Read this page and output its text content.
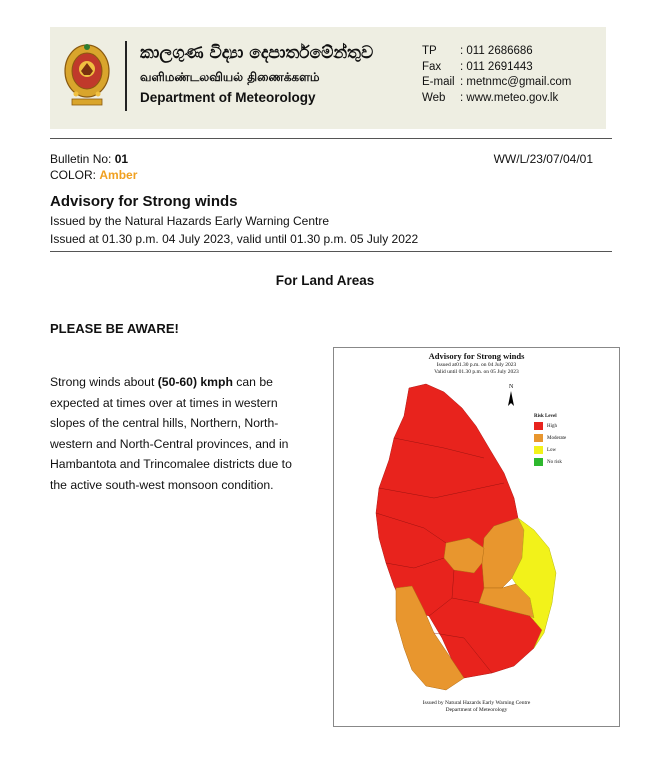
කාලගුණ විද්‍යා දෙපාර්තමේන්තුව
வளிமண்டலவியல் திணைக்களம்
Department of Meteorology
TP : 011 2686686
Fax : 011 2691443
E-mail : metnmc@gmail.com
Web : www.meteo.gov.lk
Bulletin No: 01
COLOR: Amber
WW/L/23/07/04/01
Advisory for Strong winds
Issued by the Natural Hazards Early Warning Centre
Issued at 01.30 p.m. 04 July 2023, valid until 01.30 p.m. 05 July 2022
For Land Areas
PLEASE BE AWARE!
Strong winds about (50-60) kmph can be expected at times over at times in western slopes of the central hills, Northern, North-western and North-Central provinces, and in Hambantota and Trincomalee districts due to the active south-west monsoon condition.
Advisory for Strong winds
Issued at01.30 p.m. on 04 July 2023
Valid until 01.30 p.m. on 05 July 2023
N
Risk Level
High
Moderate
Low
No risk
Issued by Natural Hazards Early Warning Centre
Department of Meteorology
